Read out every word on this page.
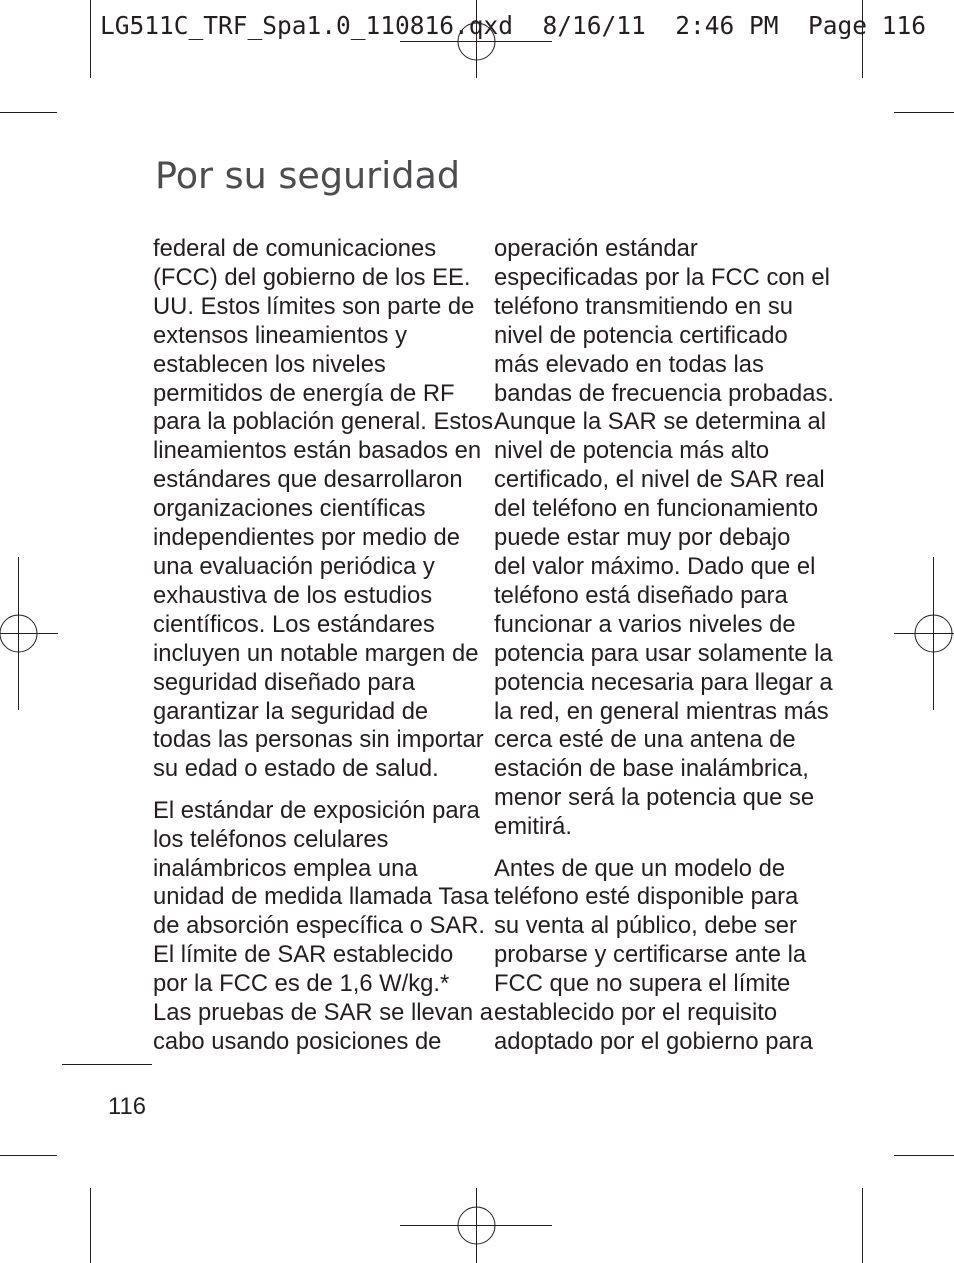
LG511C_TRF_Spa1.0_110816.qxd  8/16/11  2:46 PM  Page 116
Por su seguridad

federal de comunicaciones
(FCC) del gobierno de los EE.
UU. Estos límites son parte de
extensos lineamientos y
establecen los niveles
permitidos de energía de RF
para la población general. Estos
lineamientos están basados en
estándares que desarrollaron
organizaciones científicas
independientes por medio de
una evaluación periódica y
exhaustiva de los estudios
científicos. Los estándares
incluyen un notable margen de
seguridad diseñado para
garantizar la seguridad de
todas las personas sin importar
su edad o estado de salud.

El estándar de exposición para
los teléfonos celulares
inalámbricos emplea una
unidad de medida llamada Tasa
de absorción específica o SAR.
El límite de SAR establecido
por la FCC es de 1,6 W/kg.*
Las pruebas de SAR se llevan a
cabo usando posiciones de

operación estándar
especificadas por la FCC con el
teléfono transmitiendo en su
nivel de potencia certificado
más elevado en todas las
bandas de frecuencia probadas.
Aunque la SAR se determina al
nivel de potencia más alto
certificado, el nivel de SAR real
del teléfono en funcionamiento
puede estar muy por debajo
del valor máximo. Dado que el
teléfono está diseñado para
funcionar a varios niveles de
potencia para usar solamente la
potencia necesaria para llegar a
la red, en general mientras más
cerca esté de una antena de
estación de base inalámbrica,
menor será la potencia que se
emitirá.

Antes de que un modelo de
teléfono esté disponible para
su venta al público, debe ser
probarse y certificarse ante la
FCC que no supera el límite
establecido por el requisito
adoptado por el gobierno para

116
